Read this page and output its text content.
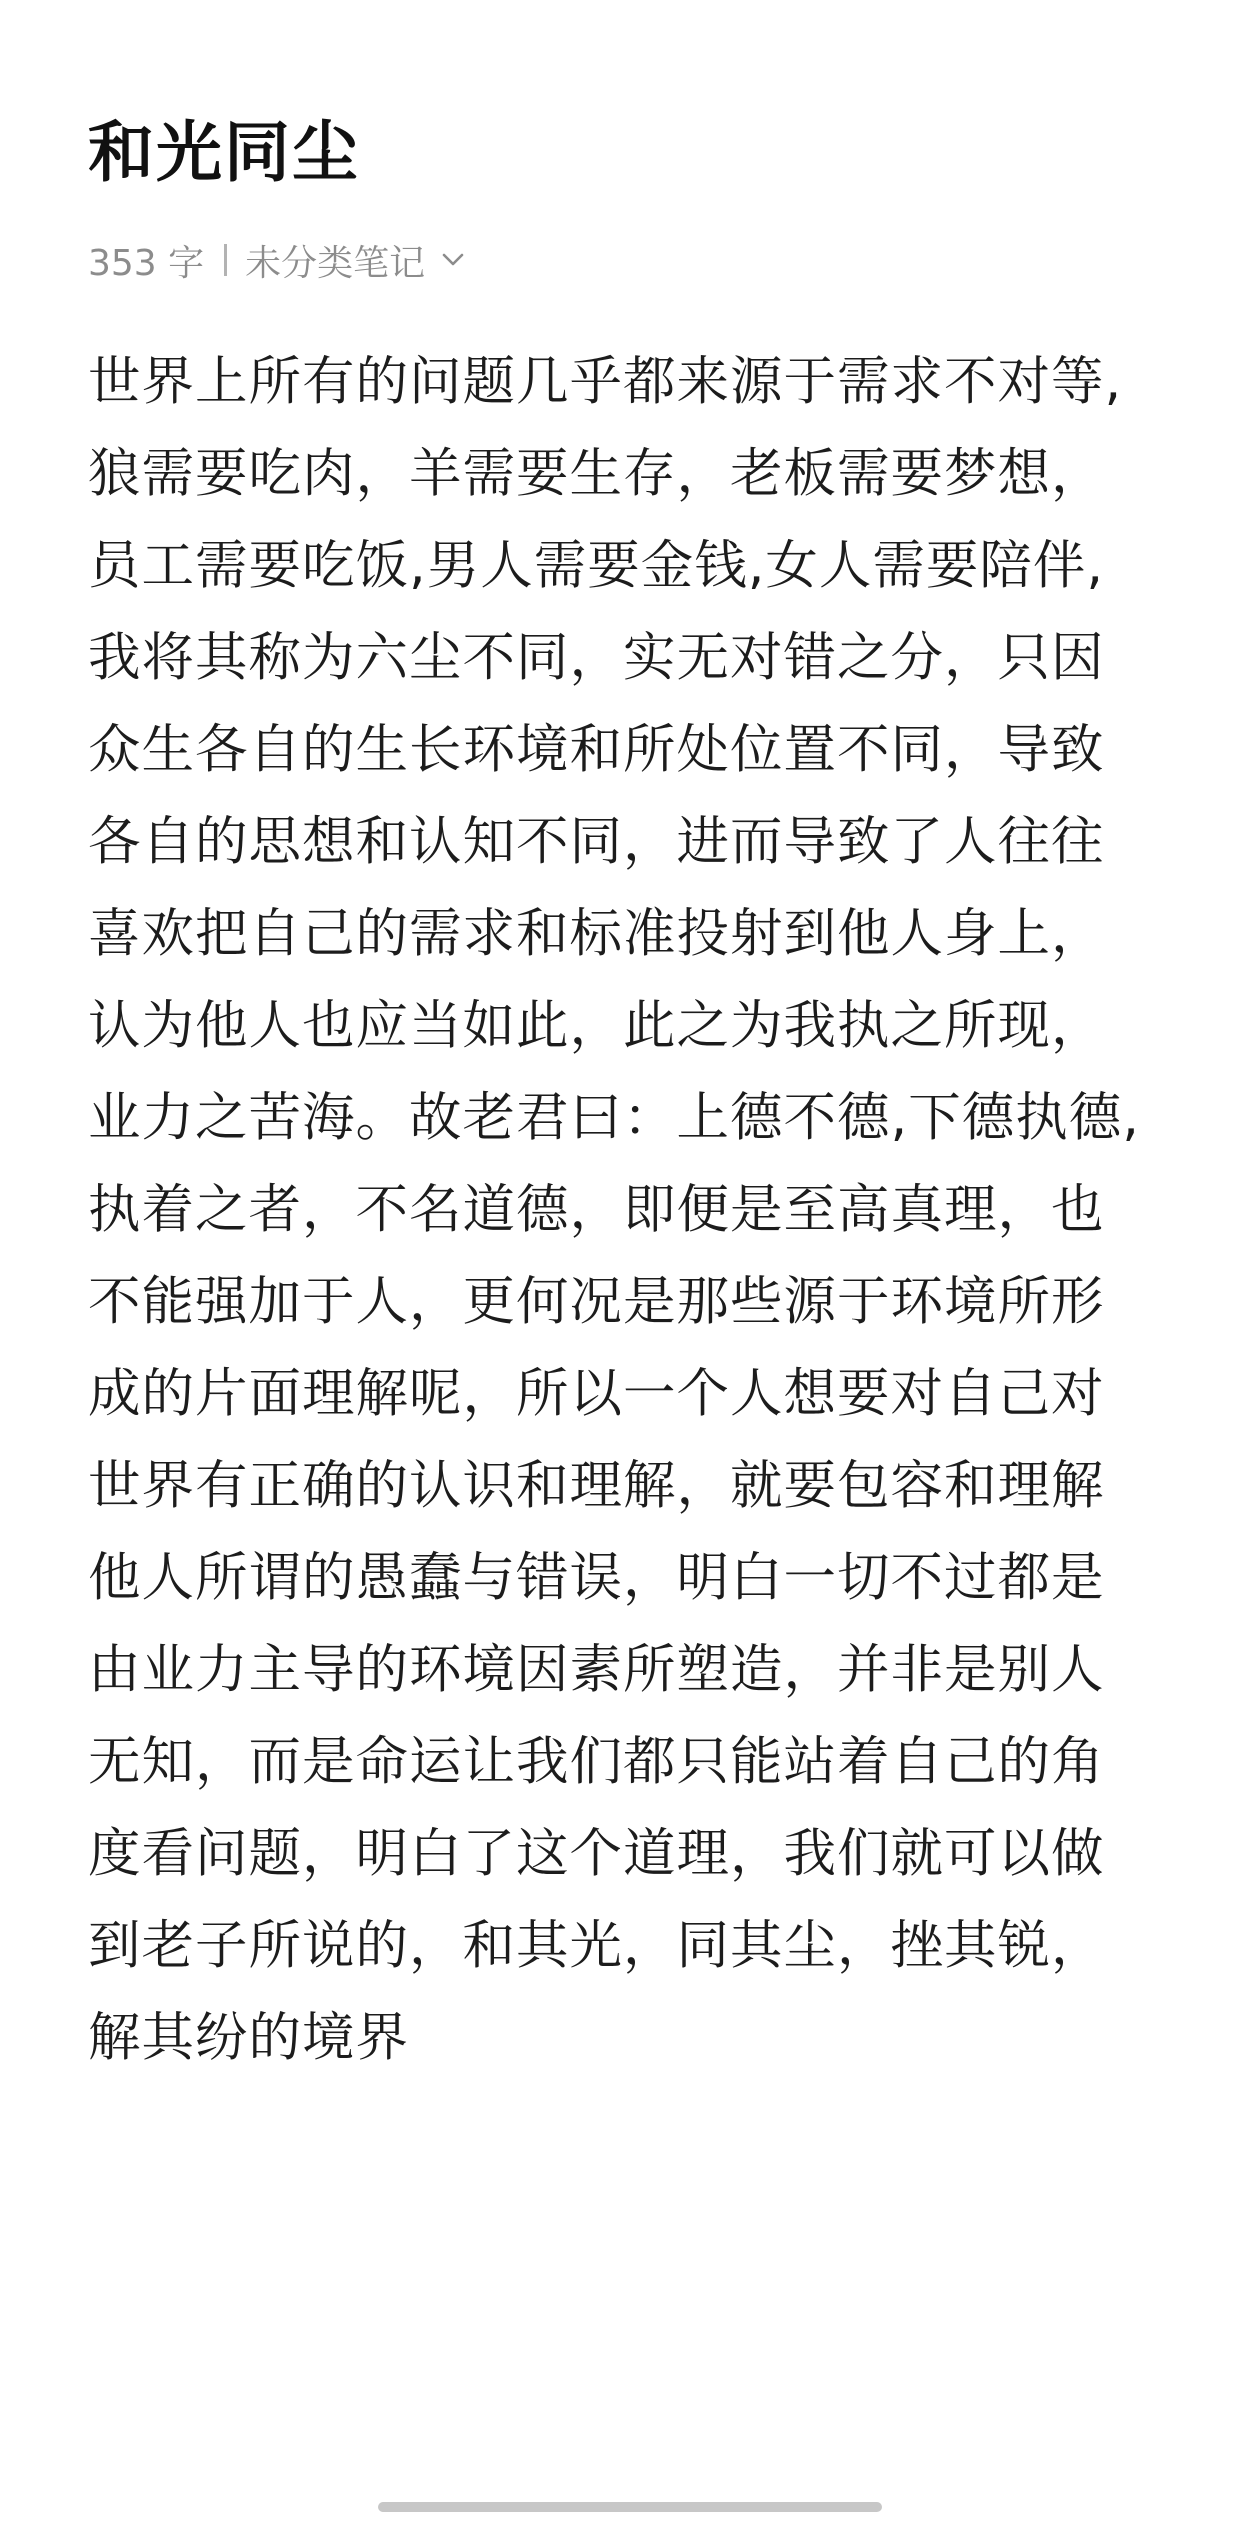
和光同尘
353 字 未分类笔记
世界上所有的问题几乎都来源于需求不对等,
狼需要吃肉，羊需要生存，老板需要梦想，
员工需要吃饭,男人需要金钱,女人需要陪伴,
我将其称为六尘不同，实无对错之分，只因
众生各自的生长环境和所处位置不同，导致
各自的思想和认知不同，进而导致了人往往
喜欢把自己的需求和标准投射到他人身上，
认为他人也应当如此，此之为我执之所现，
业力之苦海。故老君曰：上德不德,下德执德,
执着之者，不名道德，即便是至高真理，也
不能强加于人，更何况是那些源于环境所形
成的片面理解呢，所以一个人想要对自己对
世界有正确的认识和理解，就要包容和理解
他人所谓的愚蠢与错误，明白一切不过都是
由业力主导的环境因素所塑造，并非是别人
无知，而是命运让我们都只能站着自己的角
度看问题，明白了这个道理，我们就可以做
到老子所说的，和其光，同其尘，挫其锐，
解其纷的境界
